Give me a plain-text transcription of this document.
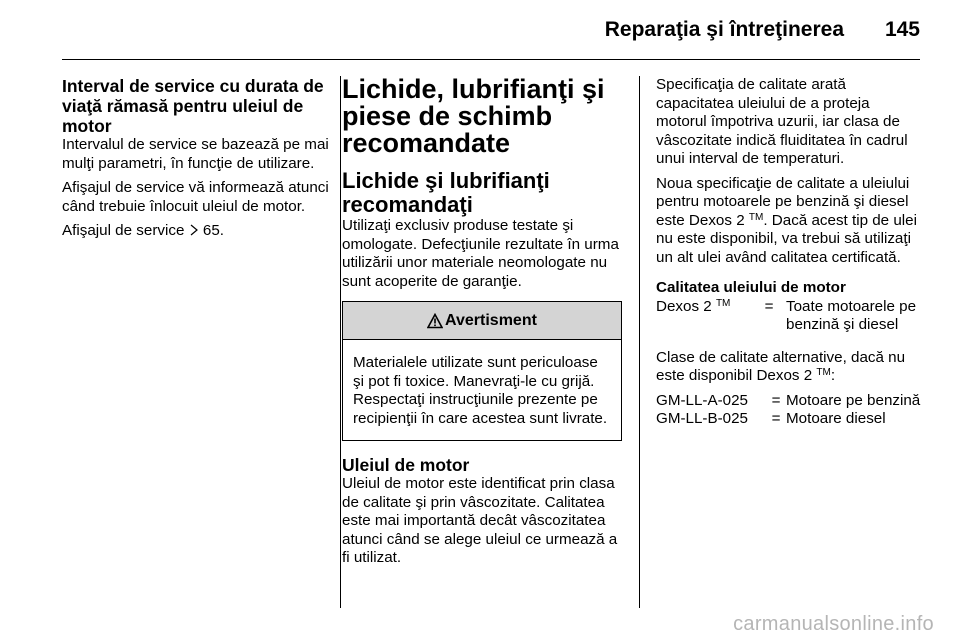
Reparaţia şi întreţinerea 145
Interval de service cu durata de viaţă rămasă pentru uleiul de motor
Intervalul de service se bazează pe mai mulţi parametri, în funcţie de utilizare.
Afişajul de service vă informează atunci când trebuie înlocuit uleiul de motor.
Afişajul de service 65.
Lichide, lubrifianţi şi piese de schimb recomandate
Lichide şi lubrifianţi recomandaţi
Utilizaţi exclusiv produse testate şi omologate. Defecţiunile rezultate în urma utilizării unor materiale neomologate nu sunt acoperite de garanţie.
Avertisment
Materialele utilizate sunt periculoase şi pot fi toxice. Manevraţi-le cu grijă. Respectaţi instrucţiunile prezente pe recipienţii în care acestea sunt livrate.
Uleiul de motor
Uleiul de motor este identificat prin clasa de calitate şi prin vâscozitate. Calitatea este mai importantă decât vâscozitatea atunci când se alege uleiul ce urmează a fi utilizat.
Specificaţia de calitate arată capacitatea uleiului de a proteja motorul împotriva uzurii, iar clasa de vâscozitate indică fluiditatea în cadrul unui interval de temperaturi.
Noua specificaţie de calitate a uleiului pentru motoarele pe benzină şi diesel este Dexos 2 ™. Dacă acest tip de ulei nu este disponibil, va trebui să utilizaţi un alt ulei având calitatea certificată.
Calitatea uleiului de motor
Dexos 2 ™	= Toate motoarele pe benzină şi diesel
Clase de calitate alternative, dacă nu este disponibil Dexos 2 ™:
GM-LL-A-025	= Motoare pe benzină
GM-LL-B-025	= Motoare diesel
carmanualsonline.info
